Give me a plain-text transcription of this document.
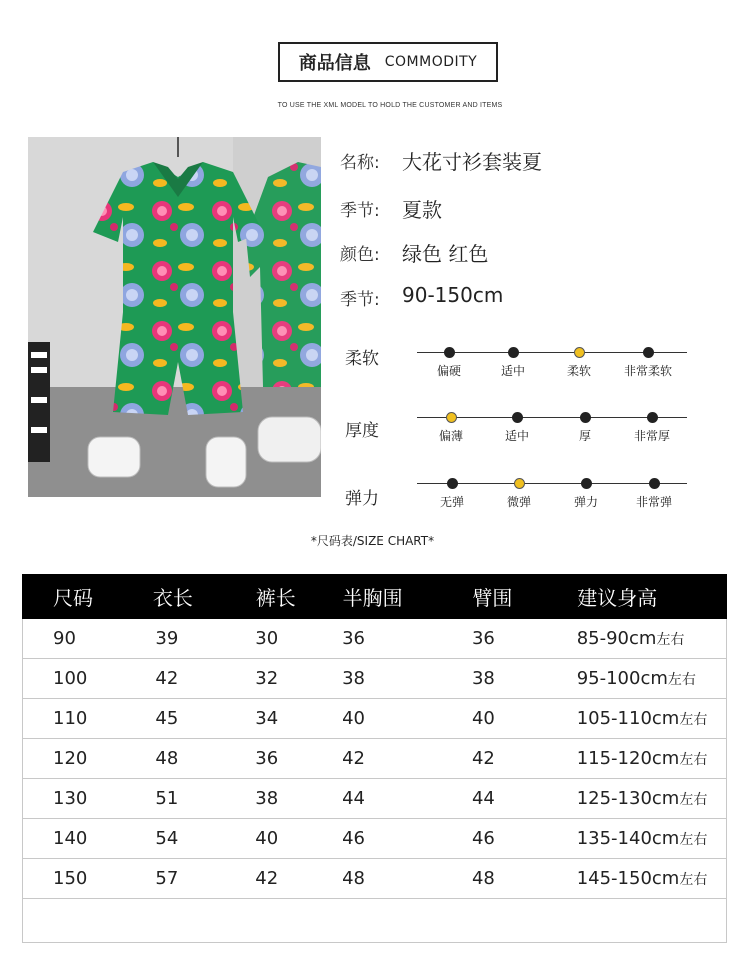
商品信息 COMMODITY
TO USE THE XML MODEL TO HOLD THE CUSTOMER AND ITEMS
名称: 大花寸衫套装夏
季节: 夏款
颜色: 绿色 红色
季节: 90-150cm
柔软
偏硬	适中	柔软	非常柔软
厚度	偏薄	适中	厚	非常厚
弹力	无弹	微弹	弹力	非常弹
*尺码表/SIZE CHART*
尺码	衣长	裤长	半胸围	臂围	建议身高
90	39	30	36	36	85-90cm左右
100	42	32	38	38	95-100cm左右
110	45	34	40	40	105-110cm左右
120	48	36	42	42	115-120cm左右
130	51	38	44	44	125-130cm左右
140	54	40	46	46	135-140cm左右
150	57	42	48	48	145-150cm左右
